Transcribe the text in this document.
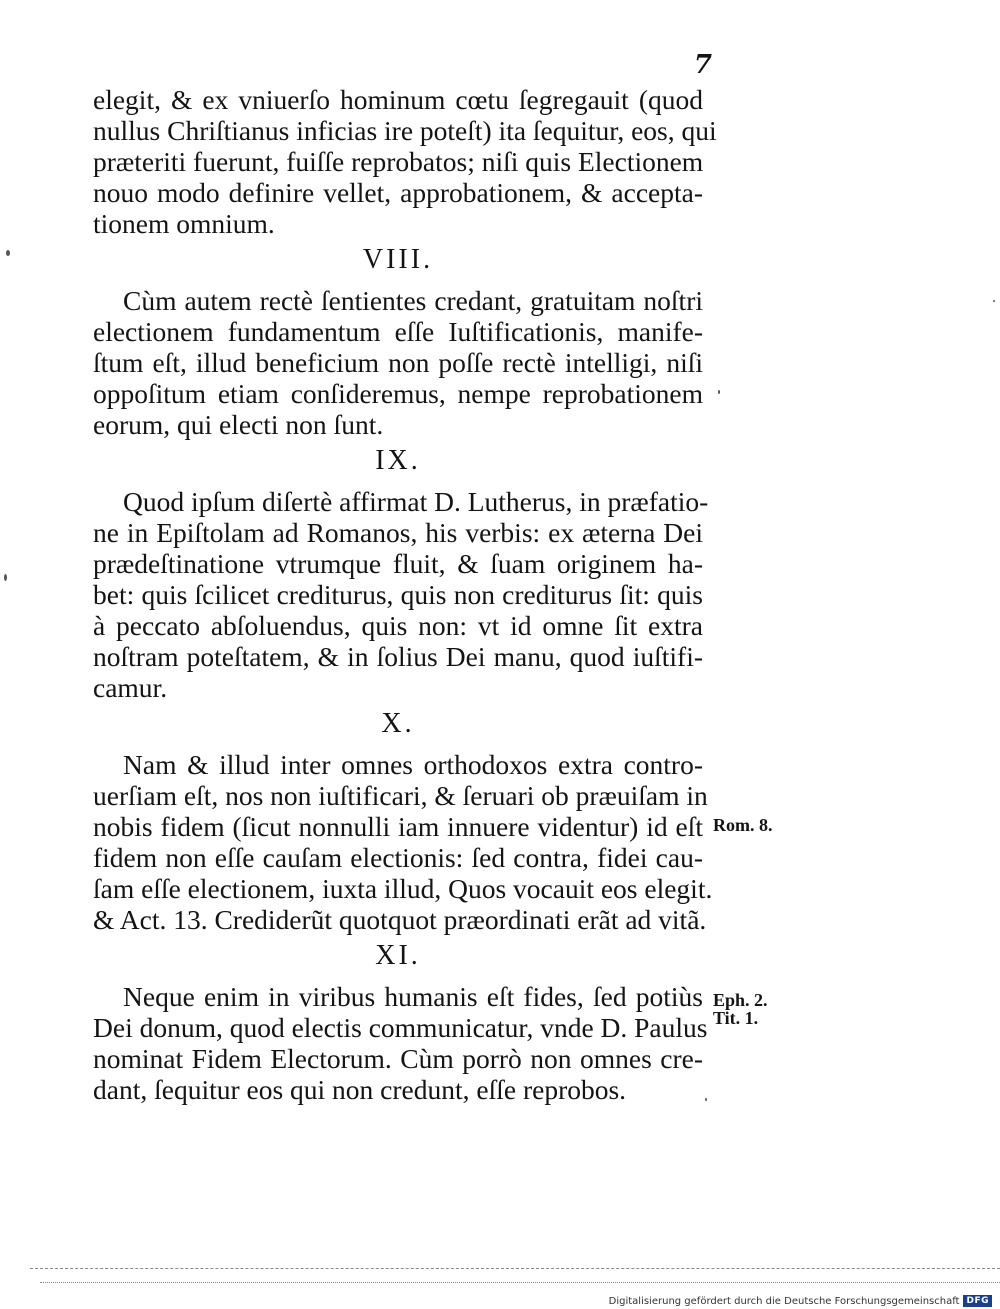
7
elegit, & ex vniuerſo hominum cœtu ſegregauit (quod
nullus Chriſtianus inficias ire poteſt) ita ſequitur, eos, qui
præteriti fuerunt, fuiſſe reprobatos; niſi quis Electionem
nouo modo definire vellet, approbationem, & accepta-
tionem omnium.
VIII.
Cùm autem rectè ſentientes credant, gratuitam noſtri
electionem fundamentum eſſe Iuſtificationis, manife-
ſtum eſt, illud beneficium non poſſe rectè intelligi, niſi
oppoſitum etiam conſideremus, nempe reprobationem
eorum, qui electi non ſunt.
IX.
Quod ipſum diſertè affirmat D. Lutherus, in præfatio-
ne in Epiſtolam ad Romanos, his verbis: ex æterna Dei
prædeſtinatione vtrumque fluit, & ſuam originem ha-
bet: quis ſcilicet crediturus, quis non crediturus ſit: quis
à peccato abſoluendus, quis non: vt id omne ſit extra
noſtram poteſtatem, & in ſolius Dei manu, quod iuſtifi-
camur.
X.
Nam & illud inter omnes orthodoxos extra contro-
uerſiam eſt, nos non iuſtificari, & ſeruari ob præuiſam in
nobis fidem (ſicut nonnulli iam innuere videntur) id eſt
fidem non eſſe cauſam electionis: ſed contra, fidei cau-
ſam eſſe electionem, iuxta illud, Quos vocauit eos elegit.
& Act. 13. Crediderũt quotquot præordinati erãt ad vitã.
XI.
Neque enim in viribus humanis eſt fides, ſed potiùs
Dei donum, quod electis communicatur, vnde D. Paulus
nominat Fidem Electorum. Cùm porrò non omnes cre-
dant, ſequitur eos qui non credunt, eſſe reprobos.
Rom. 8.
Eph. 2.
Tit. 1.
Digitalisierung gefördert durch die Deutsche Forschungsgemeinschaft DFG
